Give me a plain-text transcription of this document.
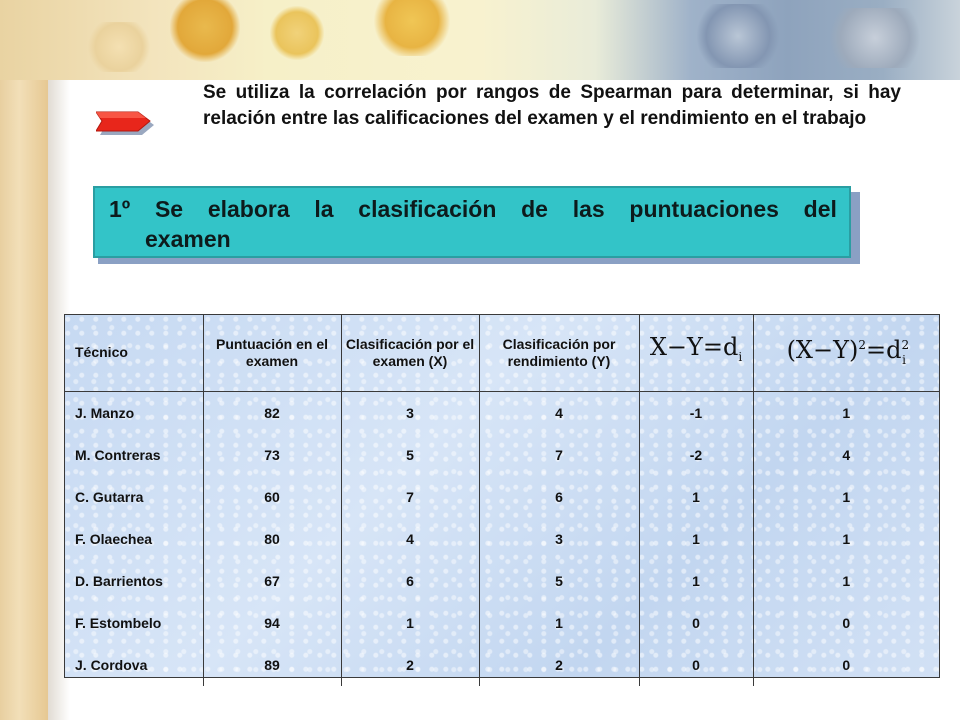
Se utiliza la correlación por rangos de Spearman para determinar, si hay relación entre las calificaciones del examen y el rendimiento en el trabajo
1º Se elabora la clasificación de las puntuaciones del
examen
Técnico	Puntuación en el examen	Clasificación por el examen (X)	Clasificación por rendimiento (Y)	$X-Y=d_i$	$(X-Y)^2=d^2_i$
J. Manzo	82	3	4	-1	1
M. Contreras	73	5	7	-2	4
C. Gutarra	60	7	6	1	1
F. Olaechea	80	4	3	1	1
D. Barrientos	67	6	5	1	1
F. Estombelo	94	1	1	0	0
J. Cordova	89	2	2	0	0
